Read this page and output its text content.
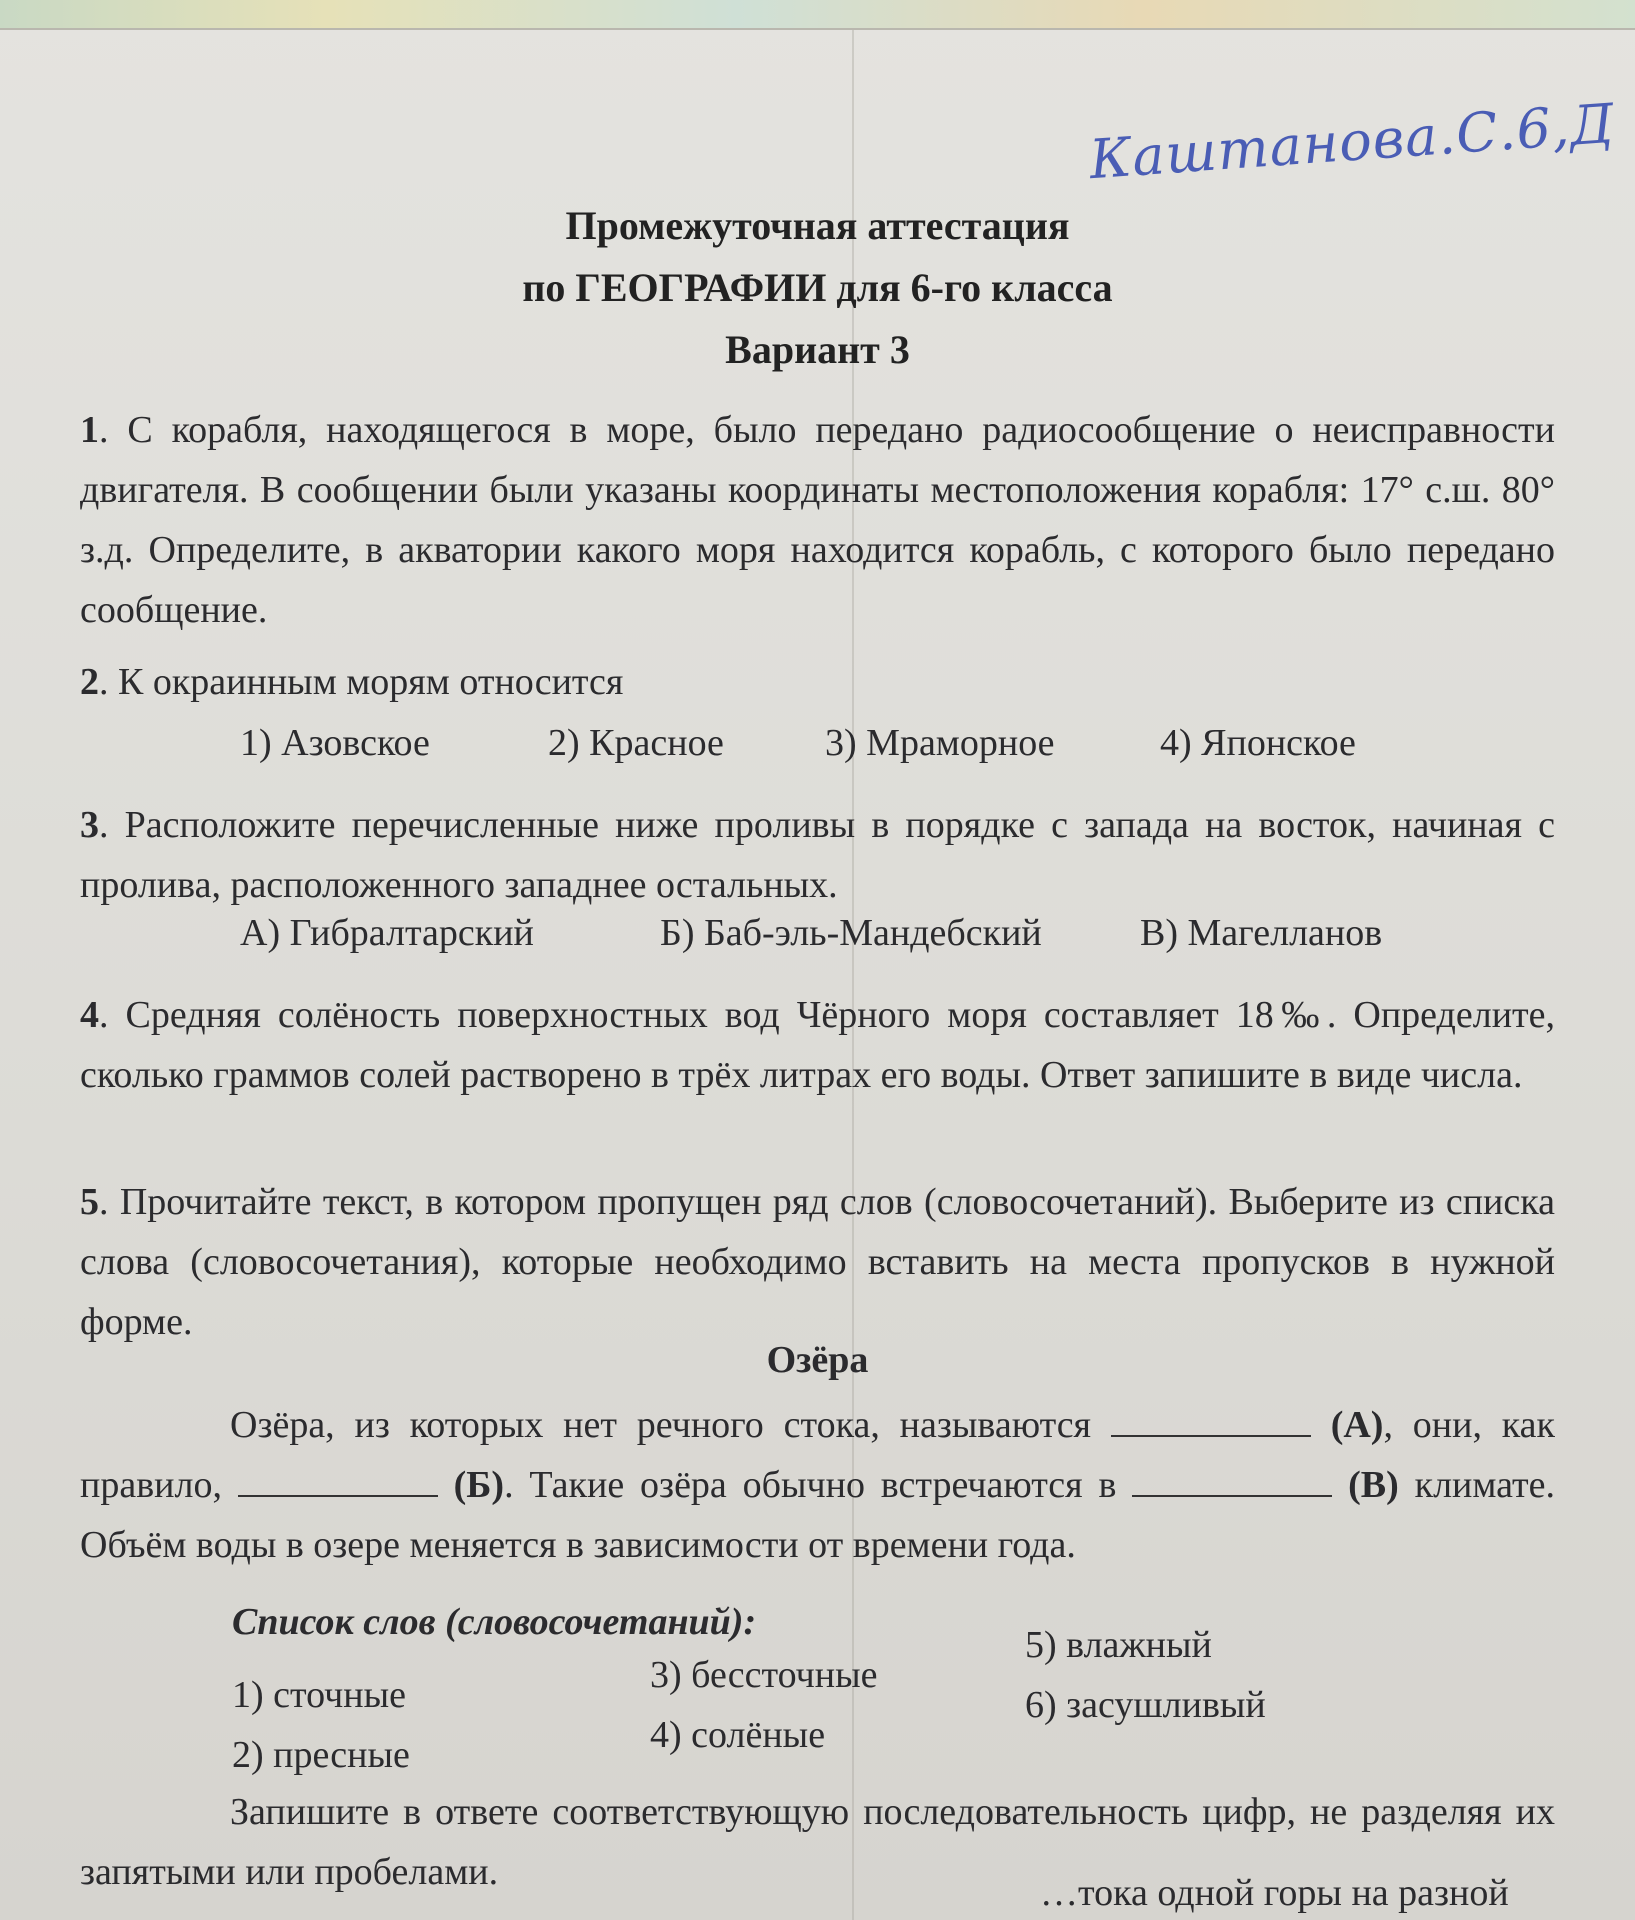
Каштанова.С.6,Д
Промежуточная аттестация
по ГЕОГРАФИИ для 6-го класса
Вариант 3
1. С корабля, находящегося в море, было передано радиосообщение о неисправности двигателя. В сообщении были указаны координаты местоположения корабля: 17° с.ш. 80° з.д. Определите, в акватории какого моря находится корабль, с которого было передано сообщение.
2. К окраинным морям относится
1) Азовское	2) Красное	3) Мраморное	4) Японское
3. Расположите перечисленные ниже проливы в порядке с запада на восток, начиная с пролива, расположенного западнее остальных.
А) Гибралтарский	Б) Баб-эль-Мандебский	В) Магелланов
4. Средняя солёность поверхностных вод Чёрного моря составляет 18‰. Определите, сколько граммов солей растворено в трёх литрах его воды. Ответ запишите в виде числа.
5. Прочитайте текст, в котором пропущен ряд слов (словосочетаний). Выберите из списка слова (словосочетания), которые необходимо вставить на места пропусков в нужной форме.
Озёра
Озёра, из которых нет речного стока, называются	(А), они, как правило,	(Б). Такие озёра обычно встречаются в	(В) климате. Объём воды в озере меняется в зависимости от времени года.
Список слов (словосочетаний):
1) сточные
2) пресные
3) бессточные
4) солёные
5) влажный
6) засушливый
Запишите в ответе соответствующую последовательность цифр, не разделяя их запятыми или пробелами.	…тока одной горы на разной
